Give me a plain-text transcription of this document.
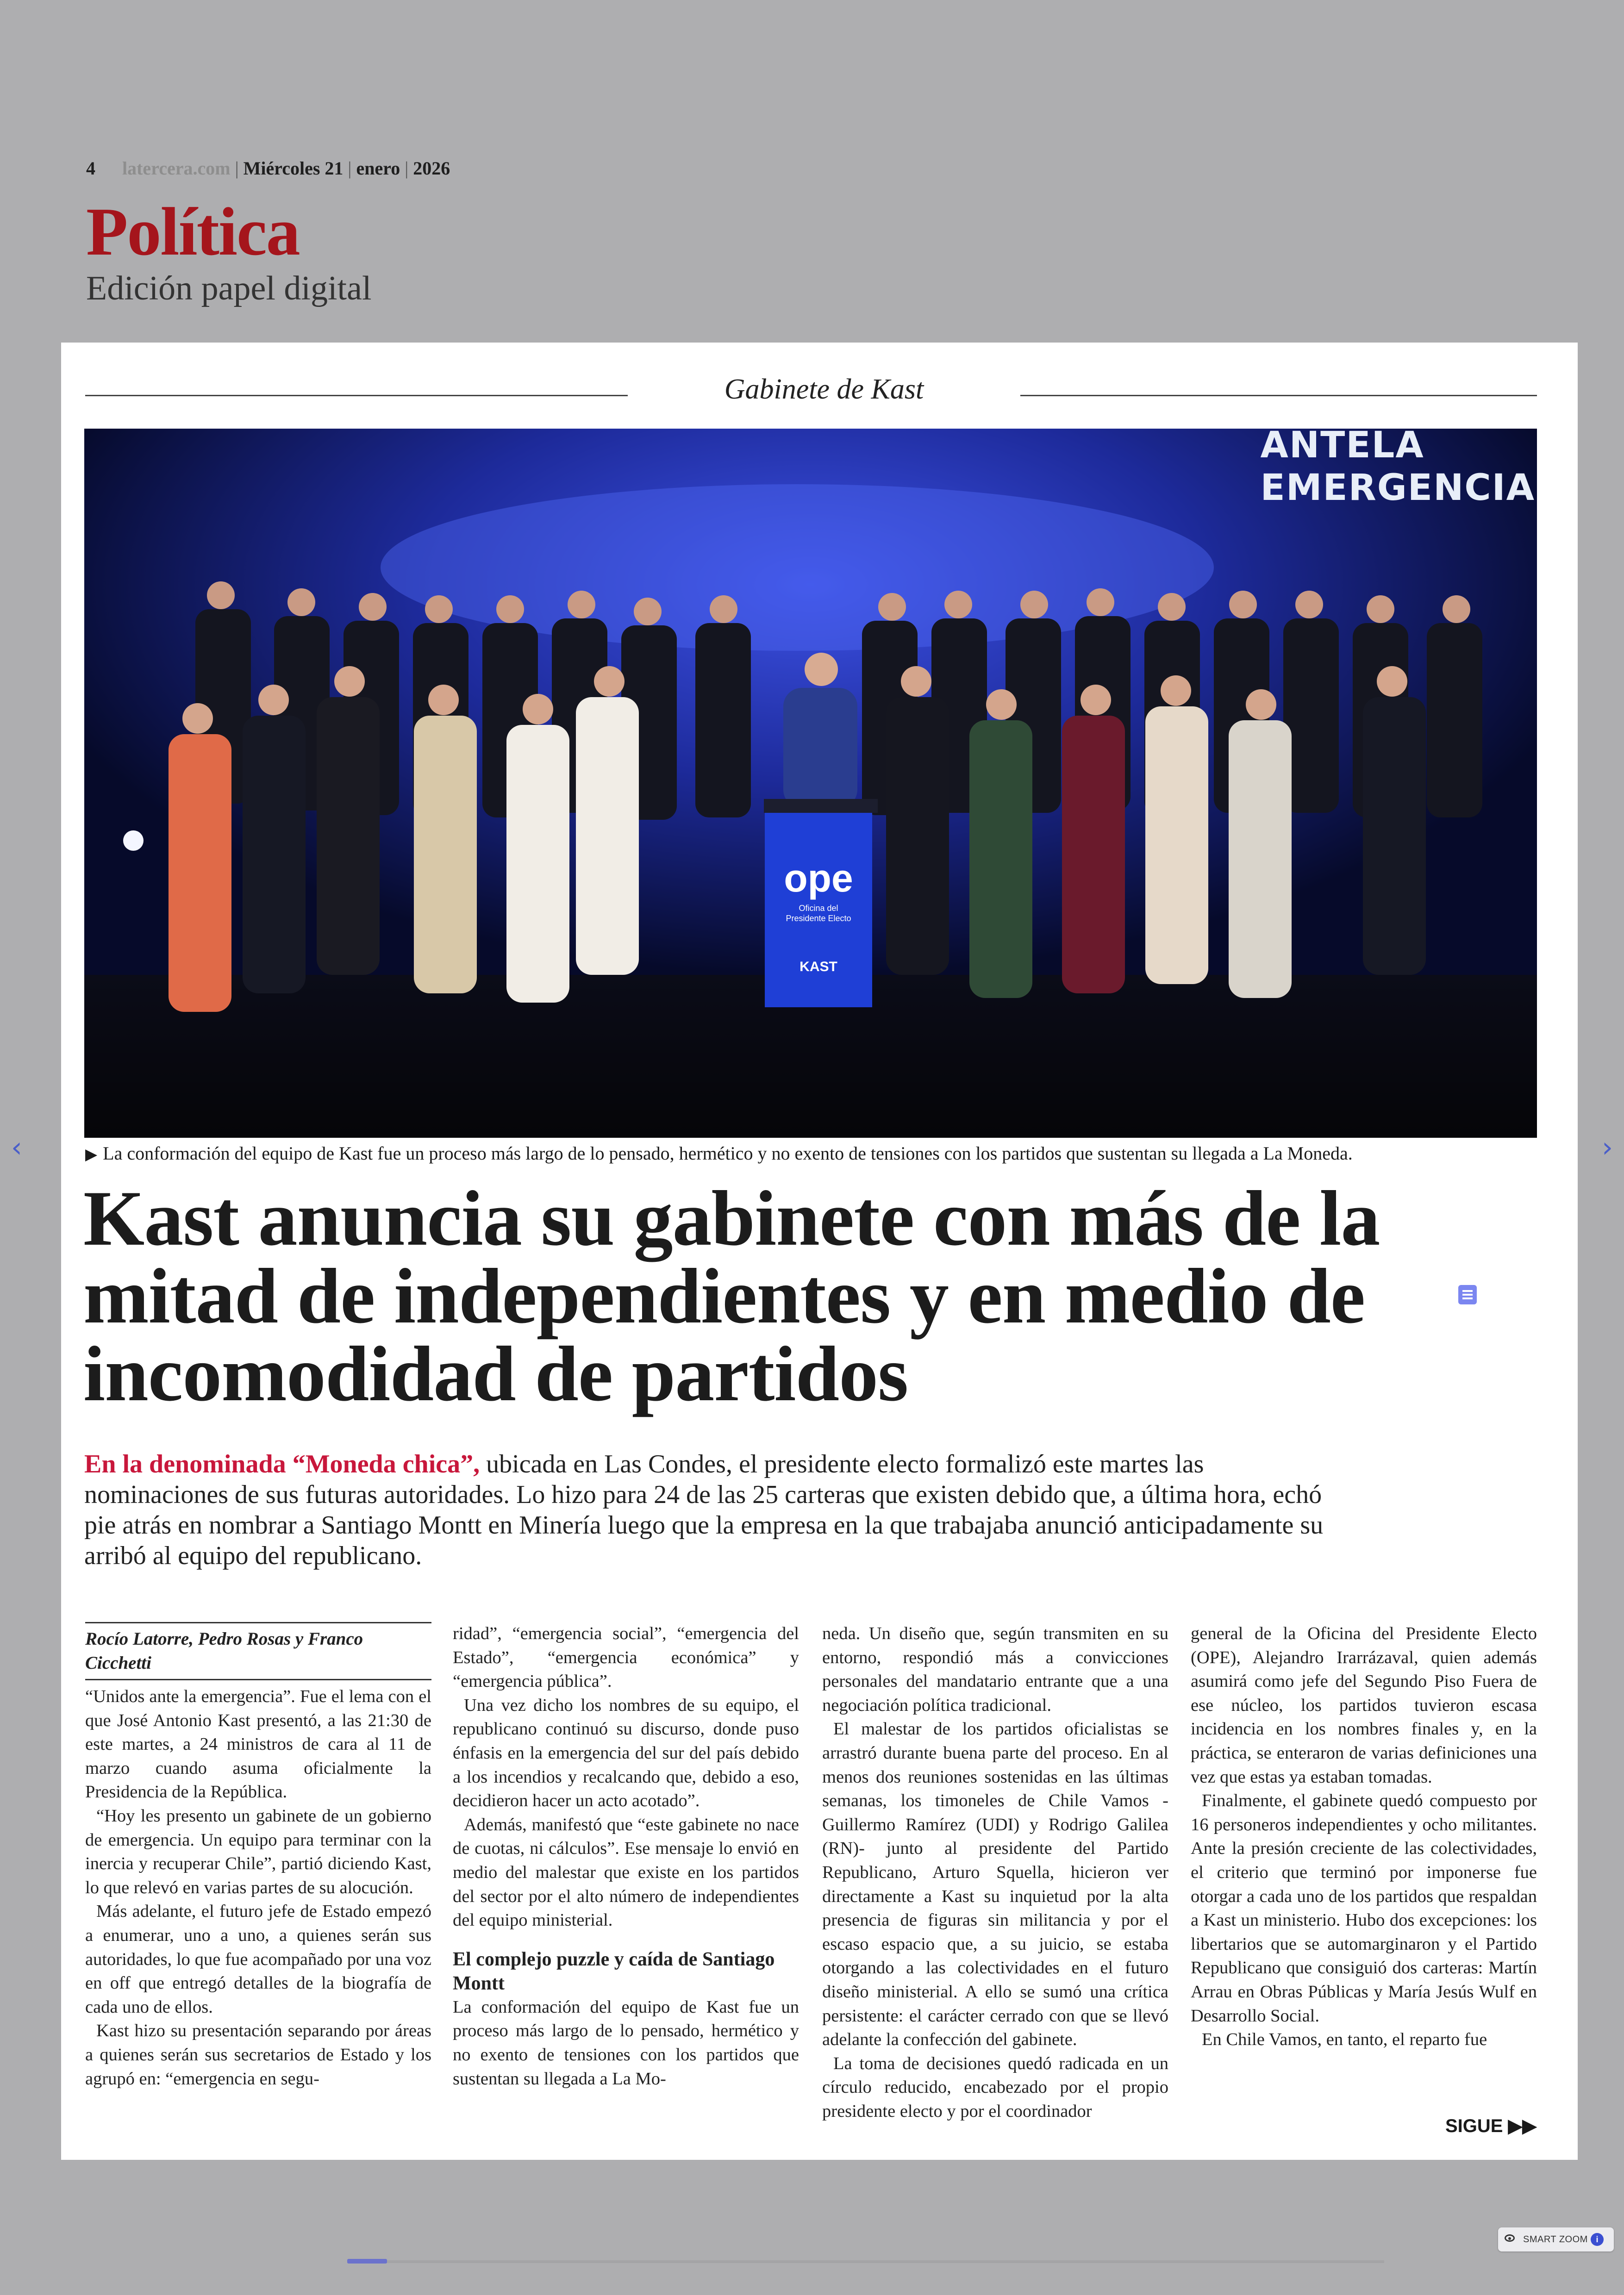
4 latercera.com | Miércoles 21 | enero | 2026
Política
Edición papel digital
Gabinete de Kast
ope
Oficina del
Presidente Electo
KAST
ANTELA
EMERGENCIA
▶ La conformación del equipo de Kast fue un proceso más largo de lo pensado, hermético y no exento de tensiones con los partidos que sustentan su llegada a La Moneda.
Kast anuncia su gabinete con más de la mitad de independientes y en medio de incomodidad de partidos
En la denominada “Moneda chica”, ubicada en Las Condes, el presidente electo formalizó este martes las nominaciones de sus futuras autoridades. Lo hizo para 24 de las 25 carteras que existen debido que, a última hora, echó pie atrás en nombrar a Santiago Montt en Minería luego que la empresa en la que trabajaba anunció anticipadamente su arribó al equipo del republicano.
Rocío Latorre, Pedro Rosas y Franco Cicchetti

“Unidos ante la emergencia”. Fue el lema con el que José Antonio Kast presentó, a las 21:30 de este martes, a 24 ministros de cara al 11 de marzo cuando asuma oficialmente la Presidencia de la República.

“Hoy les presento un gabinete de un gobierno de emergencia. Un equipo para terminar con la inercia y recuperar Chile”, partió diciendo Kast, lo que relevó en varias partes de su alocución.

Más adelante, el futuro jefe de Estado empezó a enumerar, uno a uno, a quienes serán sus autoridades, lo que fue acompañado por una voz en off que entregó detalles de la biografía de cada uno de ellos.

Kast hizo su presentación separando por áreas a quienes serán sus secretarios de Estado y los agrupó en: “emergencia en segu-

ridad”, “emergencia social”, “emergencia del Estado”, “emergencia económica” y “emergencia pública”.

Una vez dicho los nombres de su equipo, el republicano continuó su discurso, donde puso énfasis en la emergencia del sur del país debido a los incendios y recalcando que, debido a eso, decidieron hacer un acto acotado”.

Además, manifestó que “este gabinete no nace de cuotas, ni cálculos”. Ese mensaje lo envió en medio del malestar que existe en los partidos del sector por el alto número de independientes del equipo ministerial.

El complejo puzzle y caída de Santiago Montt

La conformación del equipo de Kast fue un proceso más largo de lo pensado, hermético y no exento de tensiones con los partidos que sustentan su llegada a La Mo-

neda. Un diseño que, según transmiten en su entorno, respondió más a convicciones personales del mandatario entrante que a una negociación política tradicional.

El malestar de los partidos oficialistas se arrastró durante buena parte del proceso. En al menos dos reuniones sostenidas en las últimas semanas, los timoneles de Chile Vamos -Guillermo Ramírez (UDI) y Rodrigo Galilea (RN)- junto al presidente del Partido Republicano, Arturo Squella, hicieron ver directamente a Kast su inquietud por la alta presencia de figuras sin militancia y por el escaso espacio que, a su juicio, se estaba otorgando a las colectividades en el futuro diseño ministerial. A ello se sumó una crítica persistente: el carácter cerrado con que se llevó adelante la confección del gabinete.

La toma de decisiones quedó radicada en un círculo reducido, encabezado por el propio presidente electo y por el coordinador

general de la Oficina del Presidente Electo (OPE), Alejandro Irarrázaval, quien además asumirá como jefe del Segundo Piso Fuera de ese núcleo, los partidos tuvieron escasa incidencia en los nombres finales y, en la práctica, se enteraron de varias definiciones una vez que estas ya estaban tomadas.

Finalmente, el gabinete quedó compuesto por 16 personeros independientes y ocho militantes. Ante la presión creciente de las colectividades, el criterio que terminó por imponerse fue otorgar a cada uno de los partidos que respaldan a Kast un ministerio. Hubo dos excepciones: los libertarios que se automarginaron y el Partido Republicano que consiguió dos carteras: Martín Arrau en Obras Públicas y María Jesús Wulf en Desarrollo Social.

En Chile Vamos, en tanto, el reparto fue

SIGUE ▶▶
‹	›
SMART ZOOM i
